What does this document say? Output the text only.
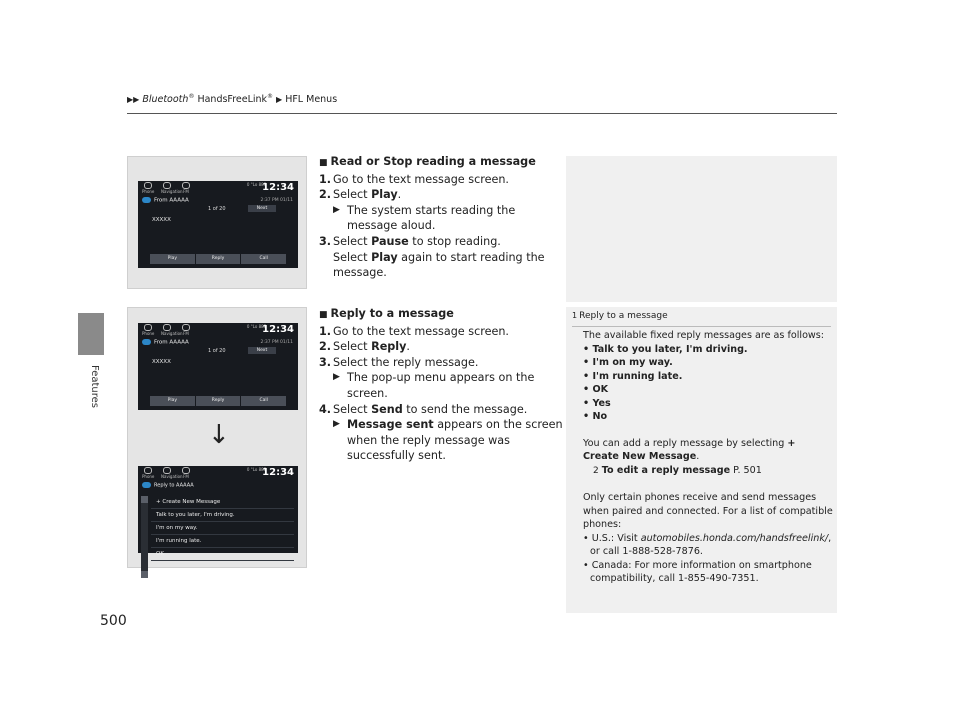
▶▶ Bluetooth® HandsFreeLink® ▶ HFL Menus
Features
500
Phone Navigation FM
0 °Lo 88F
12:34
From AAAAA	2:37 PM 01/11
1 of 20	Next
XXXXX
Play	Reply	Call
Phone Navigation FM
0 °Lo 88F
12:34
From AAAAA	2:37 PM 01/11
1 of 20	Next
XXXXX
Play	Reply	Call
↓
Phone Navigation FM
0 °Lo 88F
12:34
Reply to AAAAA
+ Create New Message
Talk to you later, I'm driving.
I'm on my way.
I'm running late.
OK
■ Read or Stop reading a message
1. Go to the text message screen.
2. Select Play.
▶ The system starts reading the message aloud.
3. Select Pause to stop reading.
Select Play again to start reading the message.
■ Reply to a message
1. Go to the text message screen.
2. Select Reply.
3. Select the reply message.
▶ The pop-up menu appears on the screen.
4. Select Send to send the message.
▶ Message sent appears on the screen when the reply message was successfully sent.
1 Reply to a message

The available fixed reply messages are as follows:

• Talk to you later, I'm driving.

• I'm on my way.

• I'm running late.

• OK

• Yes

• No

You can add a reply message by selecting + Create New Message.

2 To edit a reply message P. 501

Only certain phones receive and send messages when paired and connected. For a list of compatible phones:

• U.S.: Visit automobiles.honda.com/handsfreelink/,

or call 1-888-528-7876.

• Canada: For more information on smartphone

compatibility, call 1-855-490-7351.
